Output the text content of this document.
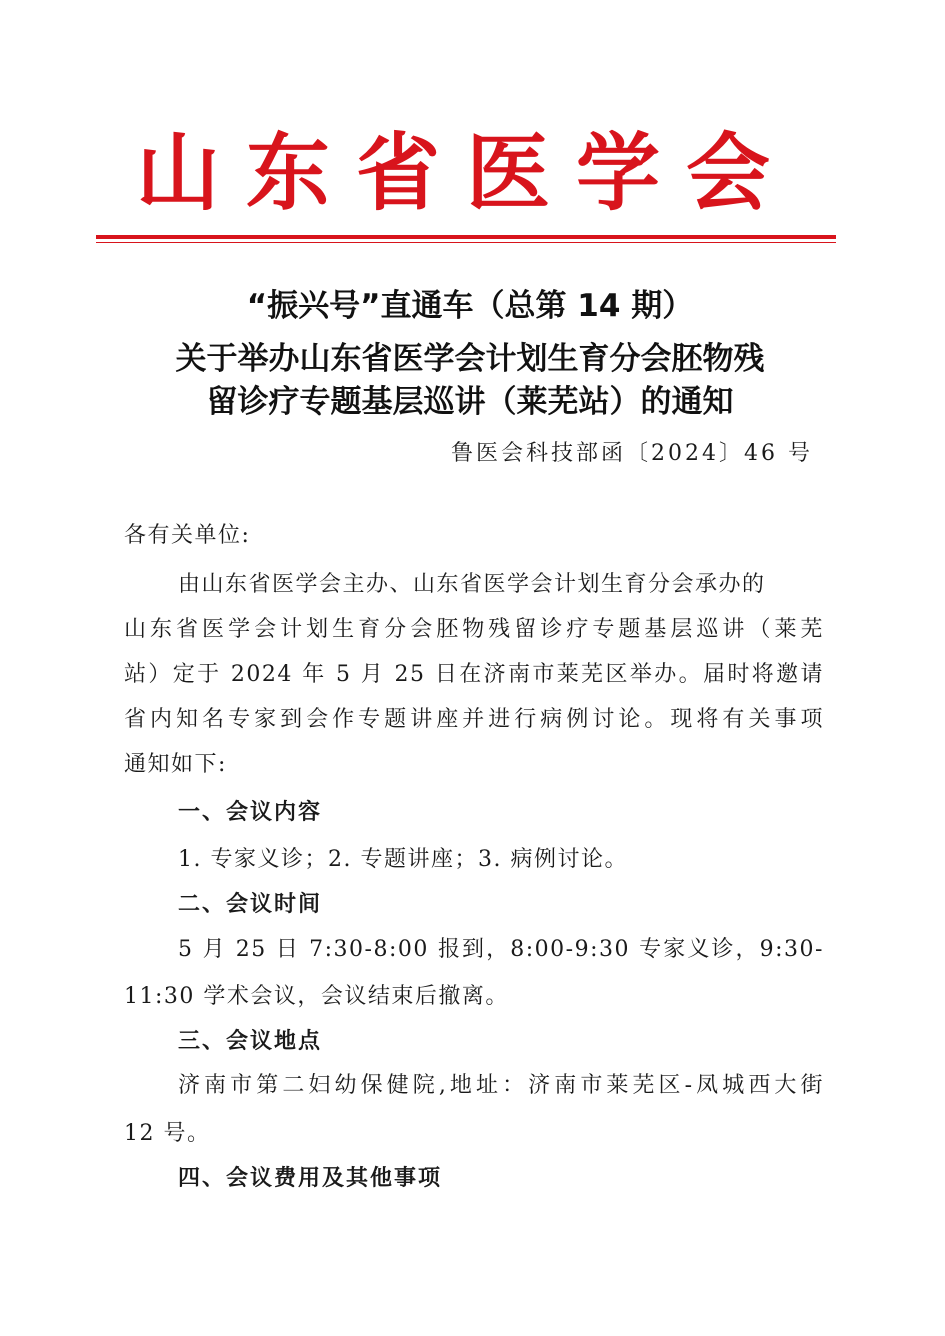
山东省医学会
“振兴号”直通车（总第 14 期）
关于举办山东省医学会计划生育分会胚物残
留诊疗专题基层巡讲（莱芜站）的通知
鲁医会科技部函〔2024〕46 号
各有关单位:
由山东省医学会主办、山东省医学会计划生育分会承办的
山东省医学会计划生育分会胚物残留诊疗专题基层巡讲（莱芜
站）定于 2024 年 5 月 25 日在济南市莱芜区举办。届时将邀请
省内知名专家到会作专题讲座并进行病例讨论。现将有关事项
通知如下:
一、会议内容
1. 专家义诊；2. 专题讲座；3. 病例讨论。
二、会议时间
5 月 25 日 7:30-8:00 报到，8:00-9:30 专家义诊，9:30-
11:30 学术会议，会议结束后撤离。
三、会议地点
济南市第二妇幼保健院,地址：济南市莱芜区-凤城西大街
12 号。
四、会议费用及其他事项
